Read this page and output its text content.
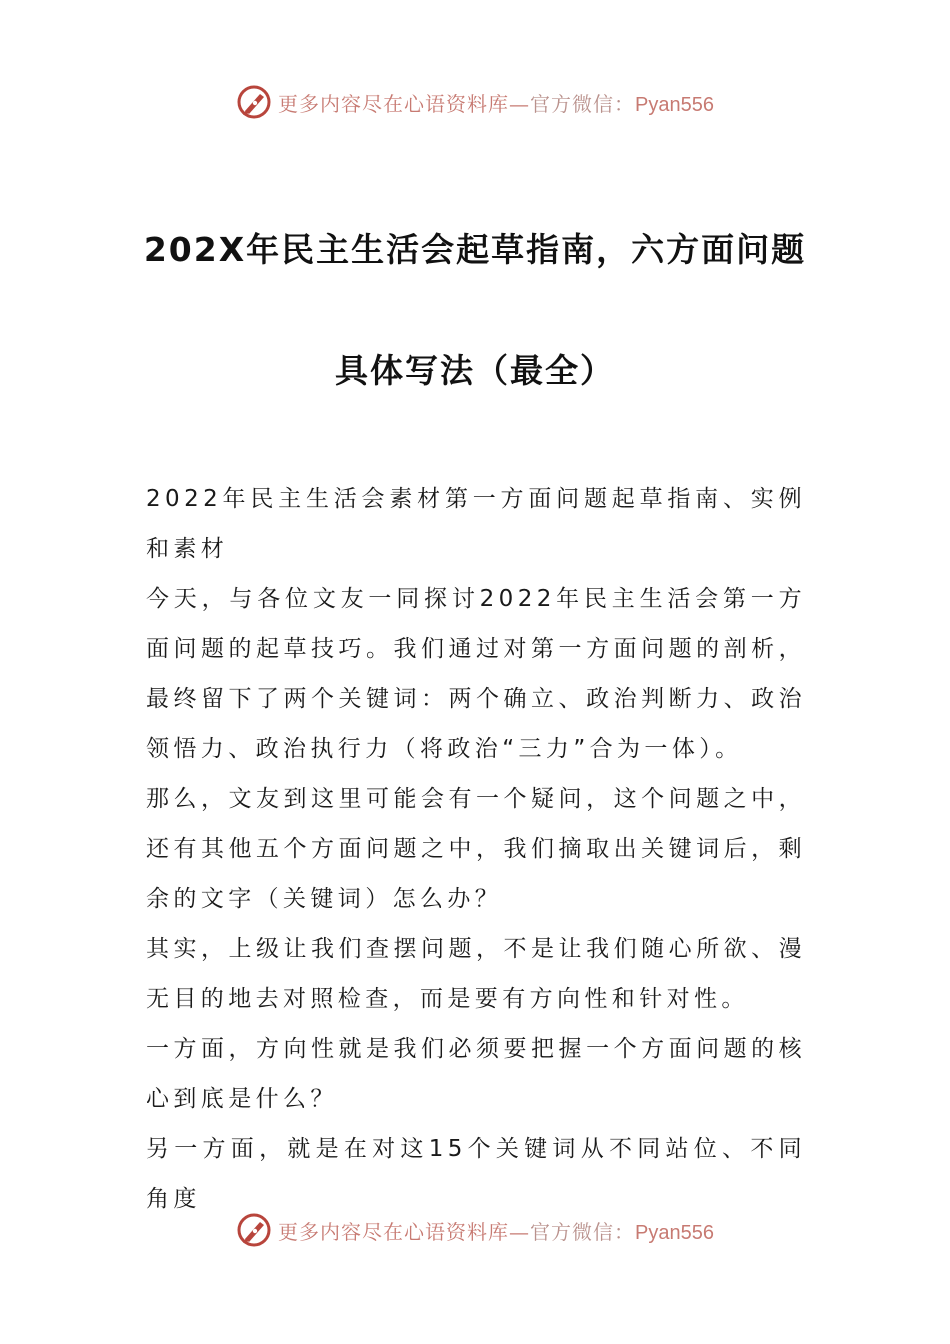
更多内容尽在心语资料库—官方微信：Pyan556
202X年民主生活会起草指南，六方面问题
具体写法（最全）

2022年民主生活会素材第一方面问题起草指南、实例和素材

今天，与各位文友一同探讨2022年民主生活会第一方面问题的起草技巧。我们通过对第一方面问题的剖析，最终留下了两个关键词：两个确立、政治判断力、政治领悟力、政治执行力（将政治“三力”合为一体）。

那么，文友到这里可能会有一个疑问，这个问题之中，还有其他五个方面问题之中，我们摘取出关键词后，剩余的文字（关键词）怎么办？

其实，上级让我们查摆问题，不是让我们随心所欲、漫无目的地去对照检查，而是要有方向性和针对性。

一方面，方向性就是我们必须要把握一个方面问题的核心到底是什么？

另一方面，就是在对这15个关键词从不同站位、不同角度

更多内容尽在心语资料库—官方微信：Pyan556
